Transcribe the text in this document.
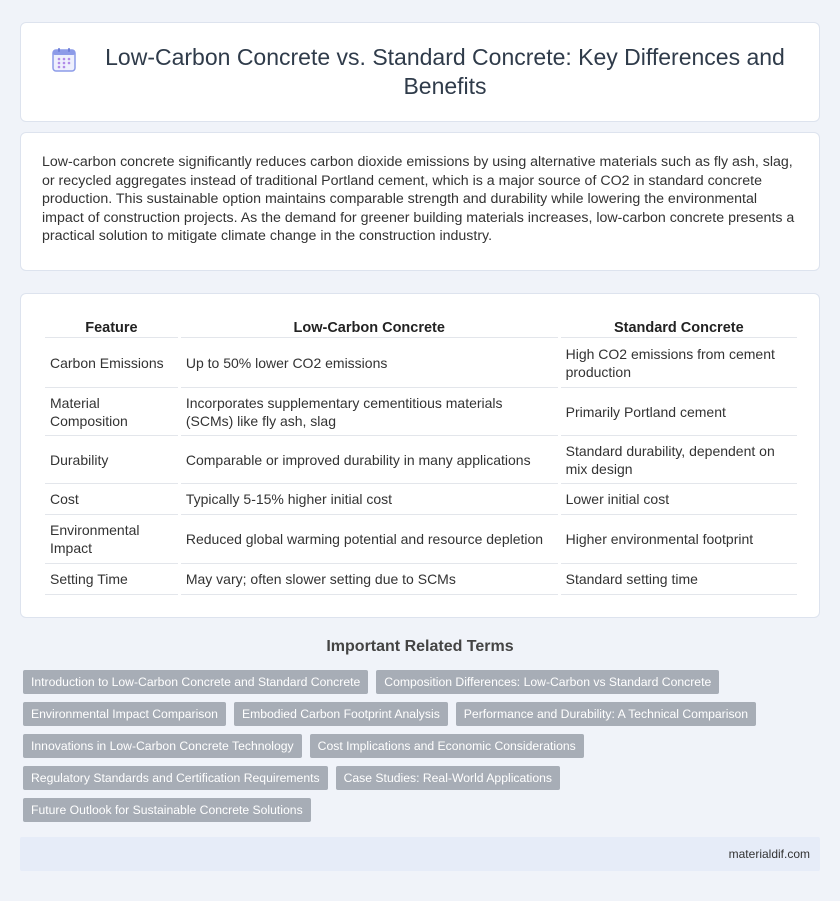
Low-Carbon Concrete vs. Standard Concrete: Key Differences and Benefits

Low-carbon concrete significantly reduces carbon dioxide emissions by using alternative materials such as fly ash, slag, or recycled aggregates instead of traditional Portland cement, which is a major source of CO2 in standard concrete production. This sustainable option maintains comparable strength and durability while lowering the environmental impact of construction projects. As the demand for greener building materials increases, low-carbon concrete presents a practical solution to mitigate climate change in the construction industry.

Feature	Low-Carbon Concrete	Standard Concrete
Carbon Emissions	Up to 50% lower CO2 emissions	High CO2 emissions from cement production
Material Composition	Incorporates supplementary cementitious materials (SCMs) like fly ash, slag	Primarily Portland cement
Durability	Comparable or improved durability in many applications	Standard durability, dependent on mix design
Cost	Typically 5-15% higher initial cost	Lower initial cost
Environmental Impact	Reduced global warming potential and resource depletion	Higher environmental footprint
Setting Time	May vary; often slower setting due to SCMs	Standard setting time
Important Related Terms
Introduction to Low-Carbon Concrete and Standard Concrete	Composition Differences: Low-Carbon vs Standard Concrete
Environmental Impact Comparison	Embodied Carbon Footprint Analysis	Performance and Durability: A Technical Comparison
Innovations in Low-Carbon Concrete Technology	Cost Implications and Economic Considerations
Regulatory Standards and Certification Requirements	Case Studies: Real-World Applications
Future Outlook for Sustainable Concrete Solutions
materialdif.com
